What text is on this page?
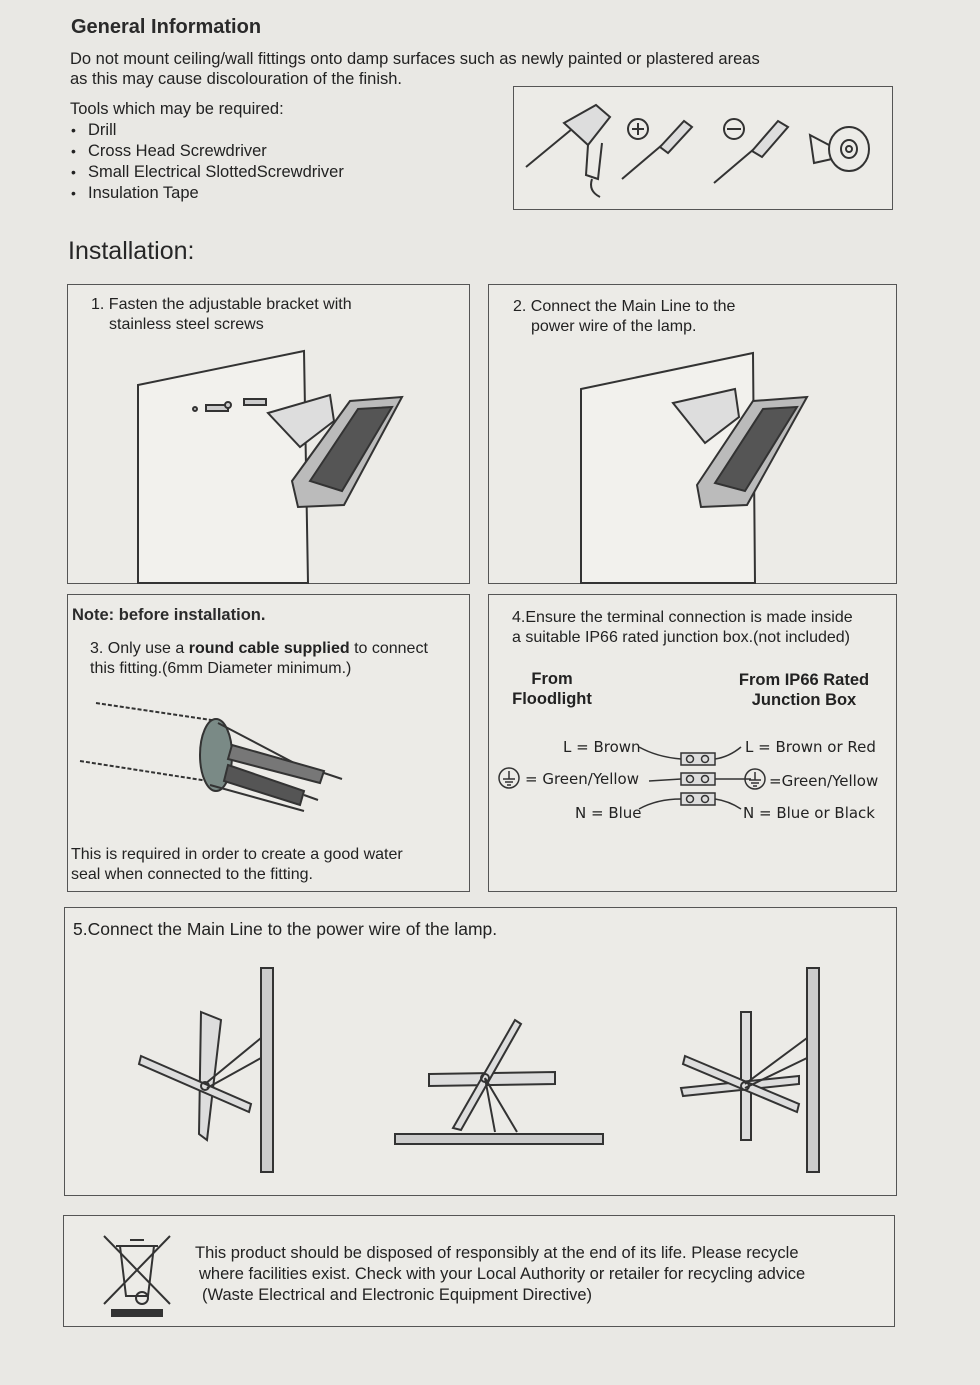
General Information
Do not mount ceiling/wall fittings onto damp surfaces such as newly painted or plastered areas
as this may cause discolouration of the finish.
Tools which may be required:
• Drill
• Cross Head Screwdriver
• Small Electrical SlottedScrewdriver
• Insulation Tape
Installation:
1. Fasten the adjustable bracket with
stainless steel screws
2. Connect the Main Line to the
power wire of the lamp.
3. Only use a round cable supplied to connect
this fitting.(6mm Diameter minimum.)
This is required in order to create a good water
seal when connected to the fitting.
Note: before installation.	4.Ensure the terminal connection is made inside
a suitable IP66 rated junction box.(not included)
From
Floodlight
From IP66 Rated
Junction Box
L = Brown
= Green/Yellow
N = Blue
L = Brown or Red
=Green/Yellow
N = Blue or Black
5.Connect the Main Line to the power wire of the lamp.
This product should be disposed of responsibly at the end of its life. Please recycle
where facilities exist. Check with your Local Authority or retailer for recycling advice
(Waste Electrical and Electronic Equipment Directive)
